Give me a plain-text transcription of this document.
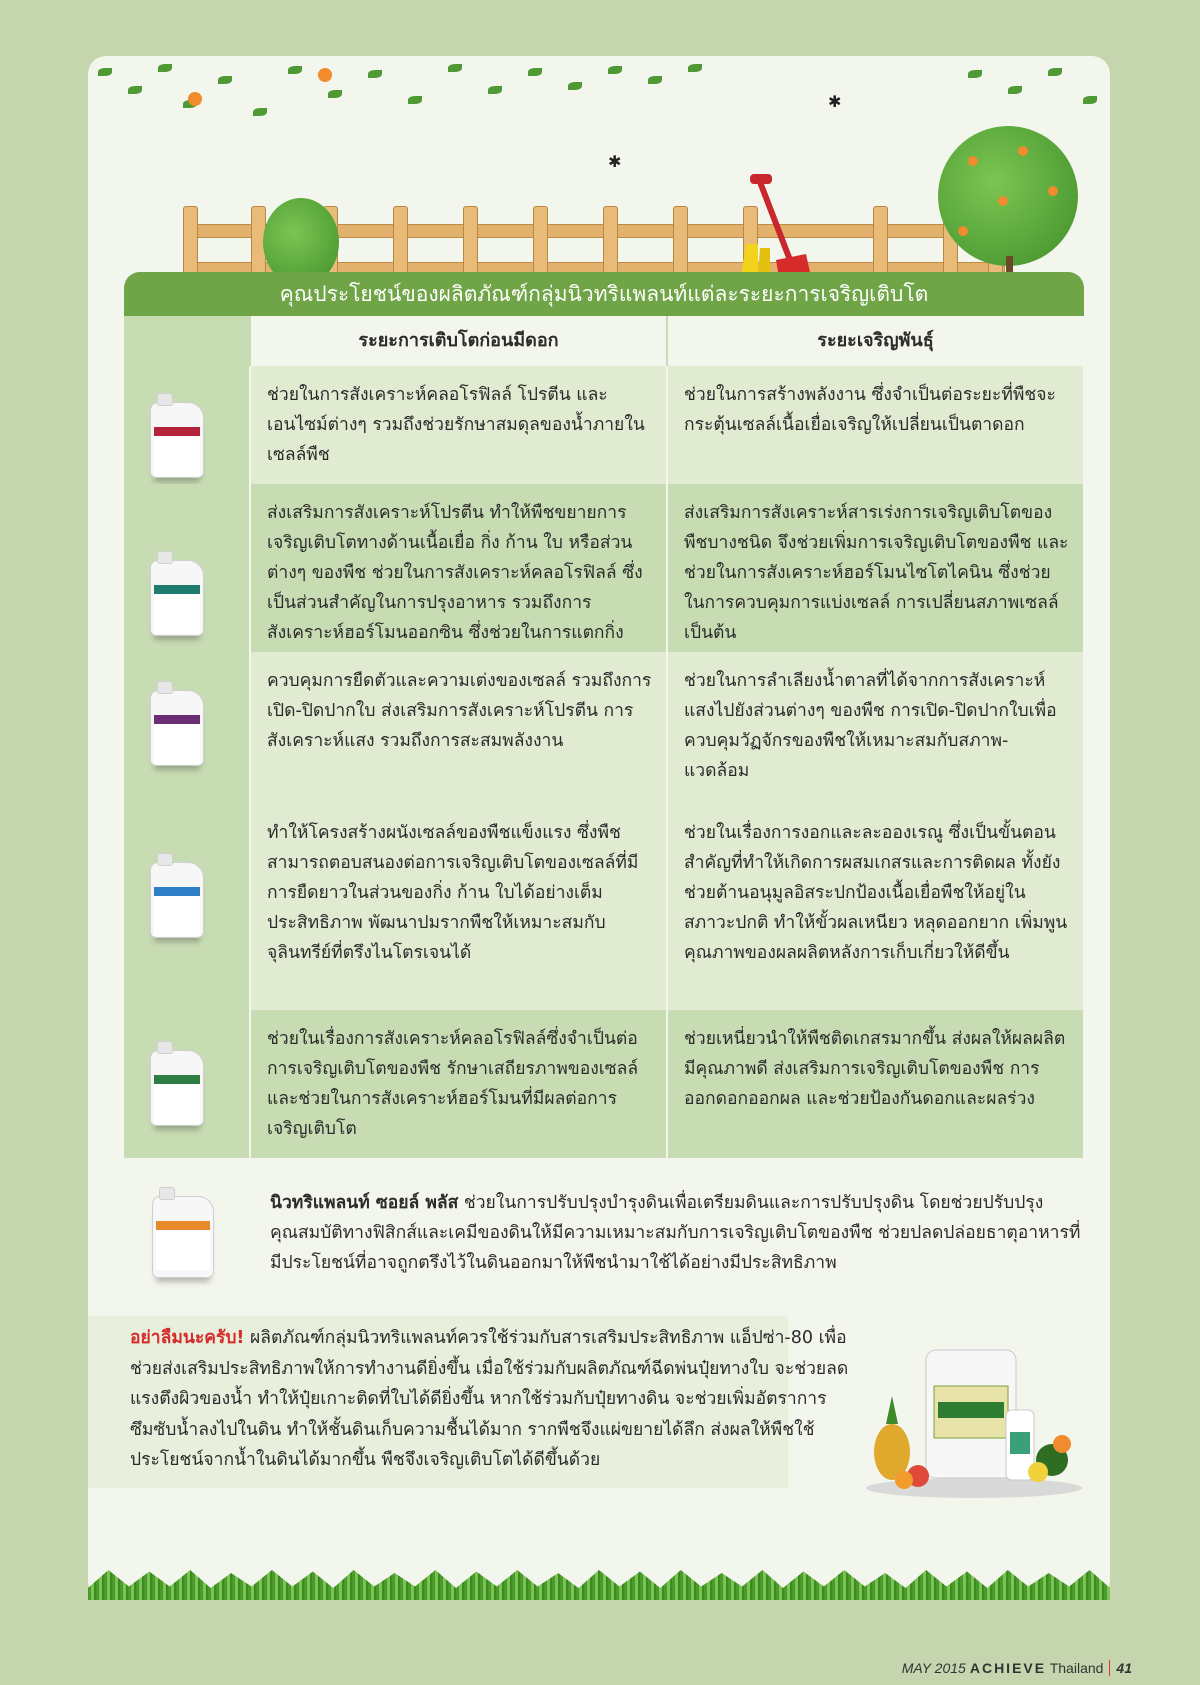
✱
✱
คุณประโยชน์ของผลิตภัณฑ์กลุ่มนิวทริแพลนท์แต่ละระยะการเจริญเติบโต
ระยะการเติบโตก่อนมีดอก	ระยะเจริญพันธุ์
ช่วยในการสังเคราะห์คลอโรฟิลล์ โปรตีน และเอนไซม์ต่างๆ รวมถึงช่วยรักษาสมดุลของน้ำภายในเซลล์พืช
ช่วยในการสร้างพลังงาน ซึ่งจำเป็นต่อระยะที่พืชจะกระตุ้นเซลล์เนื้อเยื่อเจริญให้เปลี่ยนเป็นตาดอก
ส่งเสริมการสังเคราะห์โปรตีน ทำให้พืชขยายการเจริญเติบโตทางด้านเนื้อเยื่อ กิ่ง ก้าน ใบ หรือส่วนต่างๆ ของพืช ช่วยในการสังเคราะห์คลอโรฟิลล์ ซึ่งเป็นส่วนสำคัญในการปรุงอาหาร รวมถึงการสังเคราะห์ฮอร์โมนออกซิน ซึ่งช่วยในการแตกกิ่ง
ส่งเสริมการสังเคราะห์สารเร่งการเจริญเติบโตของพืชบางชนิด จึงช่วยเพิ่มการเจริญเติบโตของพืช และช่วยในการสังเคราะห์ฮอร์โมนไซโตไคนิน ซึ่งช่วยในการควบคุมการแบ่งเซลล์ การเปลี่ยนสภาพเซลล์ เป็นต้น
ควบคุมการยืดตัวและความเต่งของเซลล์ รวมถึงการเปิด-ปิดปากใบ ส่งเสริมการสังเคราะห์โปรตีน การสังเคราะห์แสง รวมถึงการสะสมพลังงาน
ช่วยในการลำเลียงน้ำตาลที่ได้จากการสังเคราะห์แสงไปยังส่วนต่างๆ ของพืช การเปิด-ปิดปากใบเพื่อควบคุมวัฏจักรของพืชให้เหมาะสมกับสภาพ-แวดล้อม
ทำให้โครงสร้างผนังเซลล์ของพืชแข็งแรง ซึ่งพืชสามารถตอบสนองต่อการเจริญเติบโตของเซลล์ที่มีการยืดยาวในส่วนของกิ่ง ก้าน ใบได้อย่างเต็มประสิทธิภาพ พัฒนาปมรากพืชให้เหมาะสมกับจุลินทรีย์ที่ตรึงไนโตรเจนได้
ช่วยในเรื่องการงอกและละอองเรณู ซึ่งเป็นขั้นตอนสำคัญที่ทำให้เกิดการผสมเกสรและการติดผล ทั้งยังช่วยต้านอนุมูลอิสระปกป้องเนื้อเยื่อพืชให้อยู่ในสภาวะปกติ ทำให้ขั้วผลเหนียว หลุดออกยาก เพิ่มพูนคุณภาพของผลผลิตหลังการเก็บเกี่ยวให้ดีขึ้น
ช่วยในเรื่องการสังเคราะห์คลอโรฟิลล์ซึ่งจำเป็นต่อการเจริญเติบโตของพืช รักษาเสถียรภาพของเซลล์ และช่วยในการสังเคราะห์ฮอร์โมนที่มีผลต่อการเจริญเติบโต
ช่วยเหนี่ยวนำให้พืชติดเกสรมากขึ้น ส่งผลให้ผลผลิตมีคุณภาพดี ส่งเสริมการเจริญเติบโตของพืช การออกดอกออกผล และช่วยป้องกันดอกและผลร่วง
นิวทริแพลนท์ ซอยล์ พลัส ช่วยในการปรับปรุงบำรุงดินเพื่อเตรียมดินและการปรับปรุงดิน โดยช่วยปรับปรุงคุณสมบัติทางฟิสิกส์และเคมีของดินให้มีความเหมาะสมกับการเจริญเติบโตของพืช ช่วยปลดปล่อยธาตุอาหารที่มีประโยชน์ที่อาจถูกตรึงไว้ในดินออกมาให้พืชนำมาใช้ได้อย่างมีประสิทธิภาพ
อย่าลืมนะครับ! ผลิตภัณฑ์กลุ่มนิวทริแพลนท์ควรใช้ร่วมกับสารเสริมประสิทธิภาพ แอ็ปซ่า-80 เพื่อช่วยส่งเสริมประสิทธิภาพให้การทำงานดียิ่งขึ้น เมื่อใช้ร่วมกับผลิตภัณฑ์ฉีดพ่นปุ๋ยทางใบ จะช่วยลดแรงตึงผิวของน้ำ ทำให้ปุ๋ยเกาะติดที่ใบได้ดียิ่งขึ้น หากใช้ร่วมกับปุ๋ยทางดิน จะช่วยเพิ่มอัตราการซึมซับน้ำลงไปในดิน ทำให้ชั้นดินเก็บความชื้นได้มาก รากพืชจึงแผ่ขยายได้ลึก ส่งผลให้พืชใช้ประโยชน์จากน้ำในดินได้มากขึ้น พืชจึงเจริญเติบโตได้ดีขึ้นด้วย
MAY 2015 ACHIEVE Thailand 41
